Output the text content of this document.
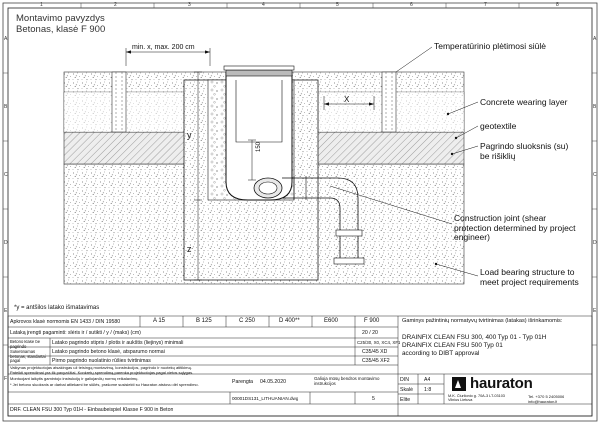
1	2	3	4	5	6	7	8
A
B
C
D
E
F
A
B
C
D
E
Montavimo pavyzdys
Betonas, klasė F 900
min. x, max. 200 cm
X
y
z
150
Temperatūrinio plėtimosi siūlė
Concrete wearing layer
geotextile
Pagrindo sluoksnis (su) be rišiklių
Construction joint (shear protection determined by project engineer)
Load bearing structure to meet project requirements
*y = antšilos latako išmatavimas
Apkrovos klasė normomis EN 1433 / DIN 19580	A 15	B 125	C 250	D 400**	E600	F 900
Lataką įrengti pagaminti: slėris ir / sutikti / y / (maks) (cm)	20 / 20
Betono klasė be pagrindo
Latako pagrindo stipris / plotis ir aukštis (liejinys) minimali	C25/30, X0, XC4, XF1
Latako pagrindo betono klasė, atsparumo normai	C35/45 XD
Sukietinamas betonas, standartai pagal	Pirmo pagrindo nuolatinio rūšies tvirtinimas	C35/45 XF2
Vaikynas projektuotojas atsakingas už teisingą montavimą, konstrukcijos, pagrindo ir nuotekų atitikimą.
Pateikti sprendimai yra tik pavyzdžiai. Konkretų sprendimą parenka projektuotojas pagal vietos sąlygas.
Montuojant laikytis gamintojo instrukcijų ir galiojančių normų reikalavimų.
* Jei betono sluoksnis ar darbai atliekami be siūlės, prašome susisiekti su Hauraton atstovu dėl sprendimo.
Gaminys pažintinių normatyvų tvirtinimas (latakas) išrinkamomis:
DRAINFIX CLEAN FSU 300, 400 Typ 01 - Typ 01H
DRAINFIX CLEAN FSU 500 Typ 01
according to DIBT approval
Parengta 04.05.2020
Galioja mūsų bendros montavimo instrukcijos
00001DS131_LITHUANIAN.dwg	5
DIN	A4
Skalė 1:8
Elite
hauraton
M.K. Čiurlionio g. 70A-3 LT-03103 Vilnius Lietuva
Tel. +370 5 2405006
info@hauraton.lt
DRF. CLEAN FSU 300 Typ 01H - Einbaubeispiel Klasse F 900 in Beton
